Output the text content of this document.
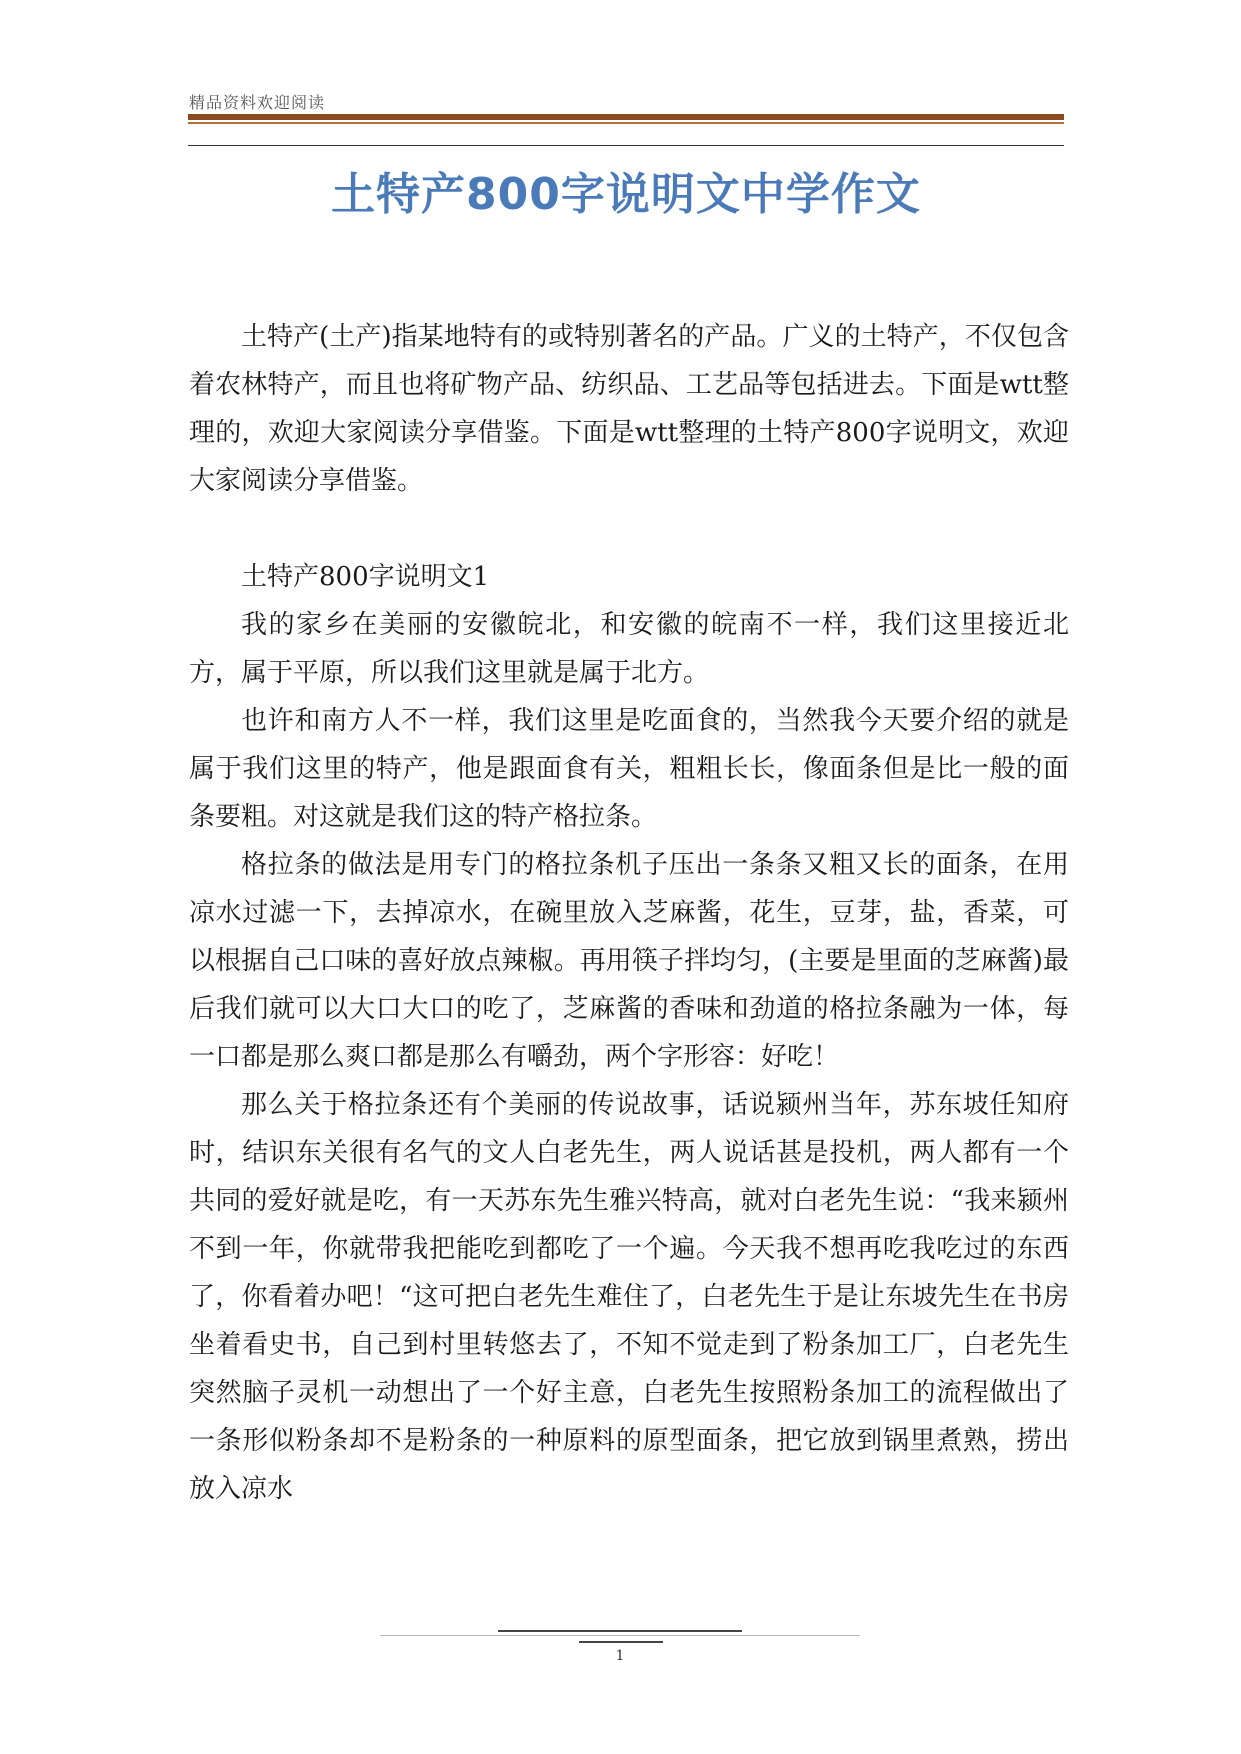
精品资料欢迎阅读
土特产800字说明文中学作文

土特产(土产)指某地特有的或特别著名的产品。广义的土特产，不仅包含着农林特产，而且也将矿物产品、纺织品、工艺品等包括进去。下面是wtt整理的，欢迎大家阅读分享借鉴。下面是wtt整理的土特产800字说明文，欢迎大家阅读分享借鉴。

土特产800字说明文1

我的家乡在美丽的安徽皖北，和安徽的皖南不一样，我们这里接近北方，属于平原，所以我们这里就是属于北方。

也许和南方人不一样，我们这里是吃面食的，当然我今天要介绍的就是属于我们这里的特产，他是跟面食有关，粗粗长长，像面条但是比一般的面条要粗。对这就是我们这的特产格拉条。

格拉条的做法是用专门的格拉条机子压出一条条又粗又长的面条，在用凉水过滤一下，去掉凉水，在碗里放入芝麻酱，花生，豆芽，盐，香菜，可以根据自己口味的喜好放点辣椒。再用筷子拌均匀，(主要是里面的芝麻酱)最后我们就可以大口大口的吃了，芝麻酱的香味和劲道的格拉条融为一体，每一口都是那么爽口都是那么有嚼劲，两个字形容：好吃！

那么关于格拉条还有个美丽的传说故事，话说颍州当年，苏东坡任知府时，结识东关很有名气的文人白老先生，两人说话甚是投机，两人都有一个共同的爱好就是吃，有一天苏东先生雅兴特高，就对白老先生说：“我来颍州不到一年，你就带我把能吃到都吃了一个遍。今天我不想再吃我吃过的东西了，你看着办吧！“这可把白老先生难住了，白老先生于是让东坡先生在书房坐着看史书，自己到村里转悠去了，不知不觉走到了粉条加工厂，白老先生突然脑子灵机一动想出了一个好主意，白老先生按照粉条加工的流程做出了一条形似粉条却不是粉条的一种原料的原型面条，把它放到锅里煮熟，捞出放入凉水

1
